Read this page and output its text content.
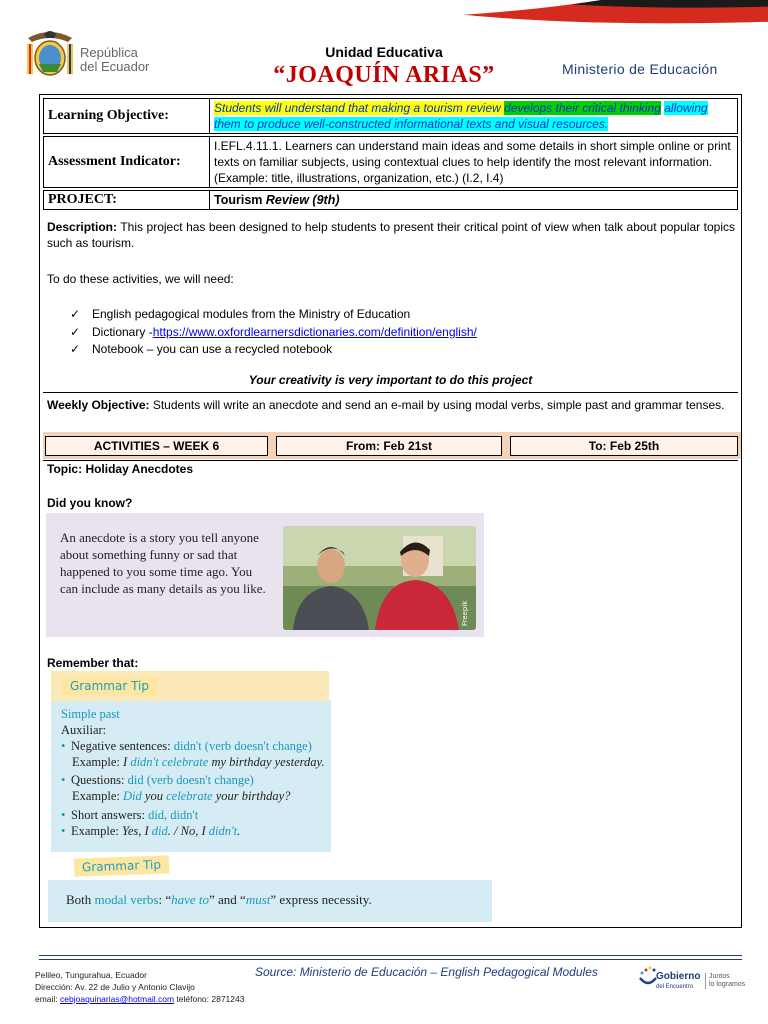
República
del Ecuador
Unidad Educativa
“JOAQUÍN ARIAS”	Ministerio de Educación
Learning Objective:	Students will understand that making a tourism review develops their critical thinking allowing them to produce well-constructed informational texts and visual resources.
Assessment Indicator:
I.EFL.4.11.1. Learners can understand main ideas and some details in short simple online or print texts on familiar subjects, using contextual clues to help identify the most relevant information. (Example: title, illustrations, organization, etc.) (I.2, I.4)
PROJECT:	Tourism Review (9th)
Description: This project has been designed to help students to present their critical point of view when talk about popular topics such as tourism.
To do these activities, we will need:
✓ English pedagogical modules from the Ministry of Education
✓ Dictionary - https://www.oxfordlearnersdictionaries.com/definition/english/
✓ Notebook – you can use a recycled notebook
Your creativity is very important to do this project
Weekly Objective: Students will write an anecdote and send an e-mail by using modal verbs, simple past and grammar tenses.
ACTIVITIES – WEEK 6	From: Feb 21st	To: Feb 25th
Topic: Holiday Anecdotes
Did you know?
An anecdote is a story you tell anyone about something funny or sad that happened to you some time ago. You can include as many details as you like.
Freepik
Remember that:
Grammar Tip
Simple past
Auxiliar:
• Negative sentences: didn't (verb doesn't change)
Example: I didn't celebrate my birthday yesterday.
• Questions: did (verb doesn't change)
Example: Did you celebrate your birthday?
• Short answers: did, didn't
• Example: Yes, I did. / No, I didn't.
Grammar Tip
Both modal verbs: “have to” and “must” express necessity.
Pelileo, Tungurahua, Ecuador
Dirección: Av. 22 de Julio y Antonio Clavijo
email: cebjoaquinarias@hotmail.com teléfono: 2871243
Source: Ministerio de Educación – English Pedagogical Modules	Gobierno
del Encuentro
Juntos
lo logramos
